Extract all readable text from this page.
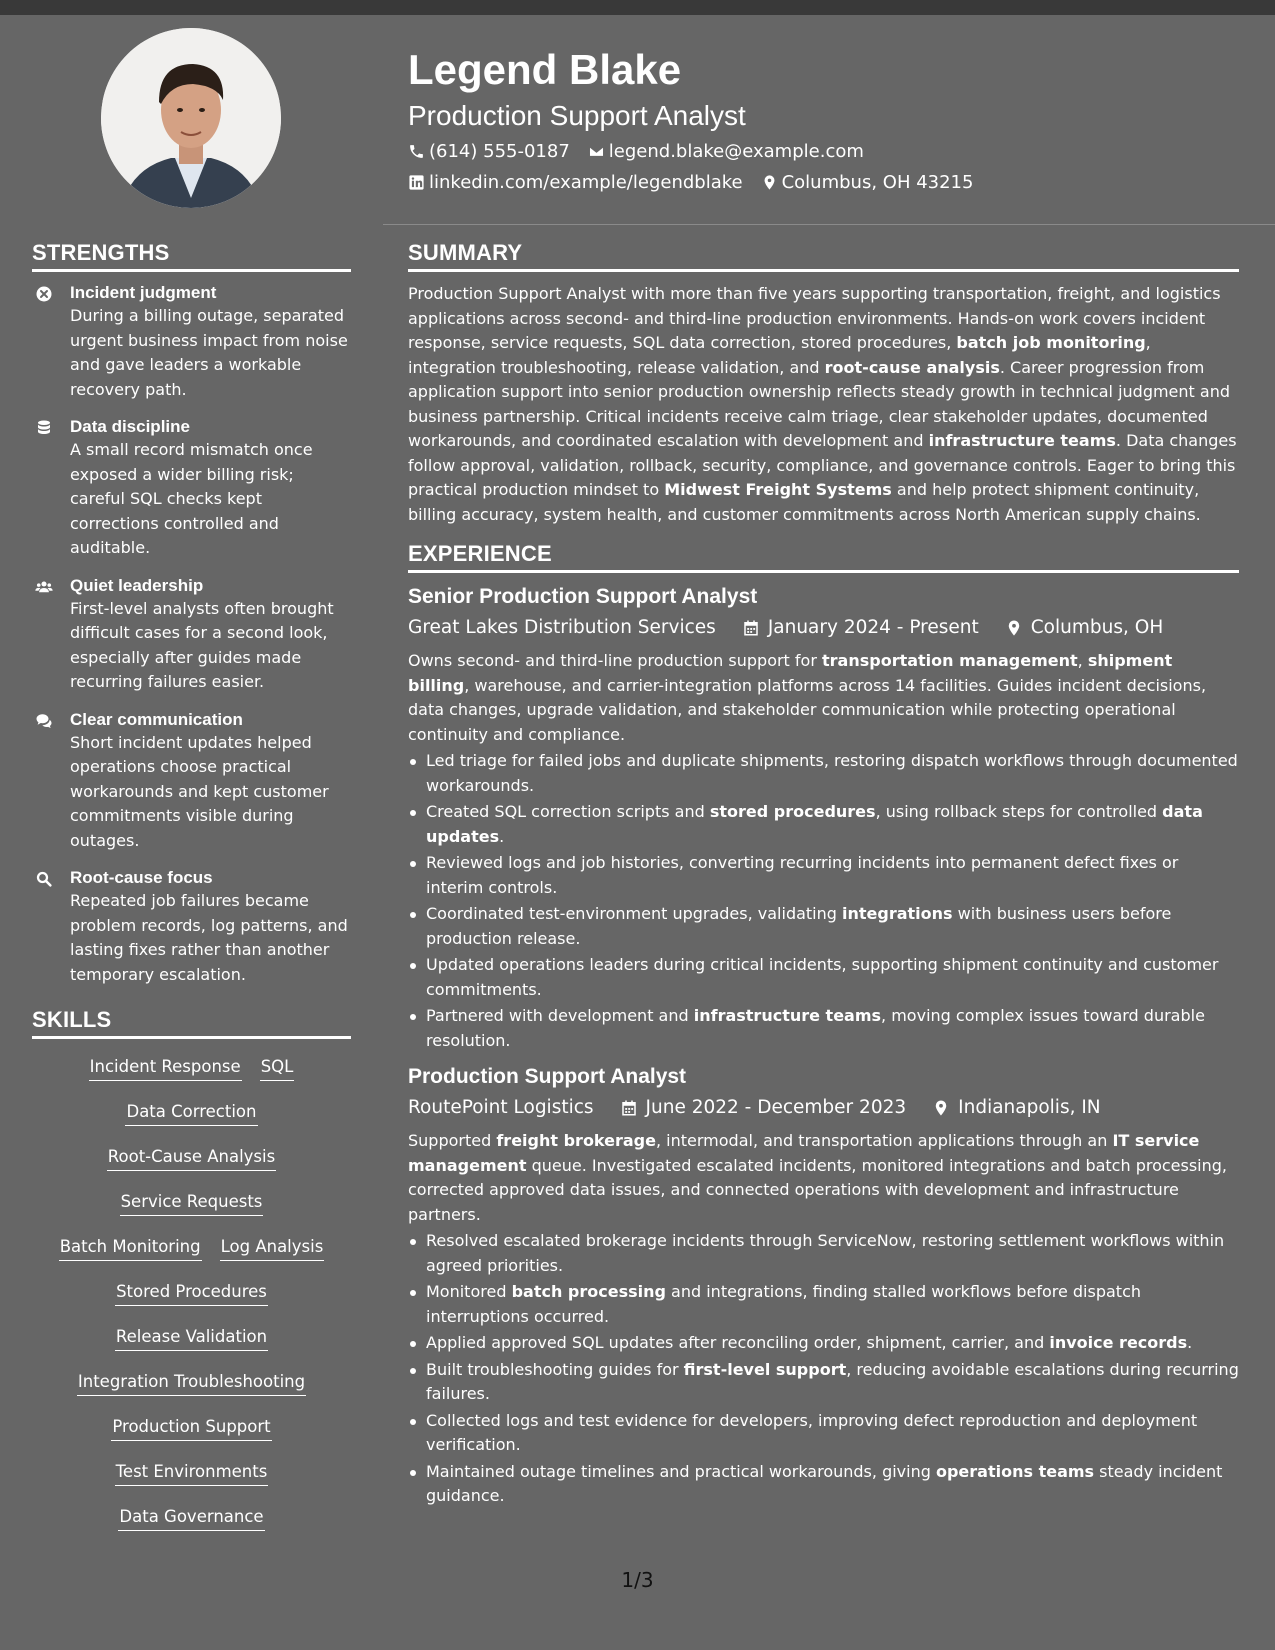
Legend Blake
Production Support Analyst
(614) 555-0187 legend.blake@example.com
linkedin.com/example/legendblake Columbus, OH 43215
STRENGTHS
Incident judgment
During a billing outage, separated urgent business impact from noise and gave leaders a workable recovery path.
Data discipline
A small record mismatch once exposed a wider billing risk; careful SQL checks kept corrections controlled and auditable.
Quiet leadership
First-level analysts often brought difficult cases for a second look, especially after guides made recurring failures easier.
Clear communication
Short incident updates helped operations choose practical workarounds and kept customer commitments visible during outages.
Root-cause focus
Repeated job failures became problem records, log patterns, and lasting fixes rather than another temporary escalation.
SKILLS
Incident Response SQL
Data Correction
Root-Cause Analysis
Service Requests
Batch Monitoring Log Analysis
Stored Procedures
Release Validation
Integration Troubleshooting
Production Support
Test Environments
Data Governance
SUMMARY

Production Support Analyst with more than five years supporting transportation, freight, and logistics applications across second- and third-line production environments. Hands-on work covers incident response, service requests, SQL data correction, stored procedures, batch job monitoring, integration troubleshooting, release validation, and root-cause analysis. Career progression from application support into senior production ownership reflects steady growth in technical judgment and business partnership. Critical incidents receive calm triage, clear stakeholder updates, documented workarounds, and coordinated escalation with development and infrastructure teams. Data changes follow approval, validation, rollback, security, compliance, and governance controls. Eager to bring this practical production mindset to Midwest Freight Systems and help protect shipment continuity, billing accuracy, system health, and customer commitments across North American supply chains.

EXPERIENCE
Senior Production Support Analyst
Great Lakes Distribution Services	January 2024 - Present	Columbus, OH

Owns second- and third-line production support for transportation management, shipment billing, warehouse, and carrier-integration platforms across 14 facilities. Guides incident decisions, data changes, upgrade validation, and stakeholder communication while protecting operational continuity and compliance.

Led triage for failed jobs and duplicate shipments, restoring dispatch workflows through documented workarounds.
Created SQL correction scripts and stored procedures, using rollback steps for controlled data updates.
Reviewed logs and job histories, converting recurring incidents into permanent defect fixes or interim controls.
Coordinated test-environment upgrades, validating integrations with business users before production release.
Updated operations leaders during critical incidents, supporting shipment continuity and customer commitments.
Partnered with development and infrastructure teams, moving complex issues toward durable resolution.
Production Support Analyst
RoutePoint Logistics	June 2022 - December 2023	Indianapolis, IN

Supported freight brokerage, intermodal, and transportation applications through an IT service management queue. Investigated escalated incidents, monitored integrations and batch processing, corrected approved data issues, and connected operations with development and infrastructure partners.

Resolved escalated brokerage incidents through ServiceNow, restoring settlement workflows within agreed priorities.
Monitored batch processing and integrations, finding stalled workflows before dispatch interruptions occurred.
Applied approved SQL updates after reconciling order, shipment, carrier, and invoice records.
Built troubleshooting guides for first-level support, reducing avoidable escalations during recurring failures.
Collected logs and test evidence for developers, improving defect reproduction and deployment verification.
Maintained outage timelines and practical workarounds, giving operations teams steady incident guidance.
1/3
